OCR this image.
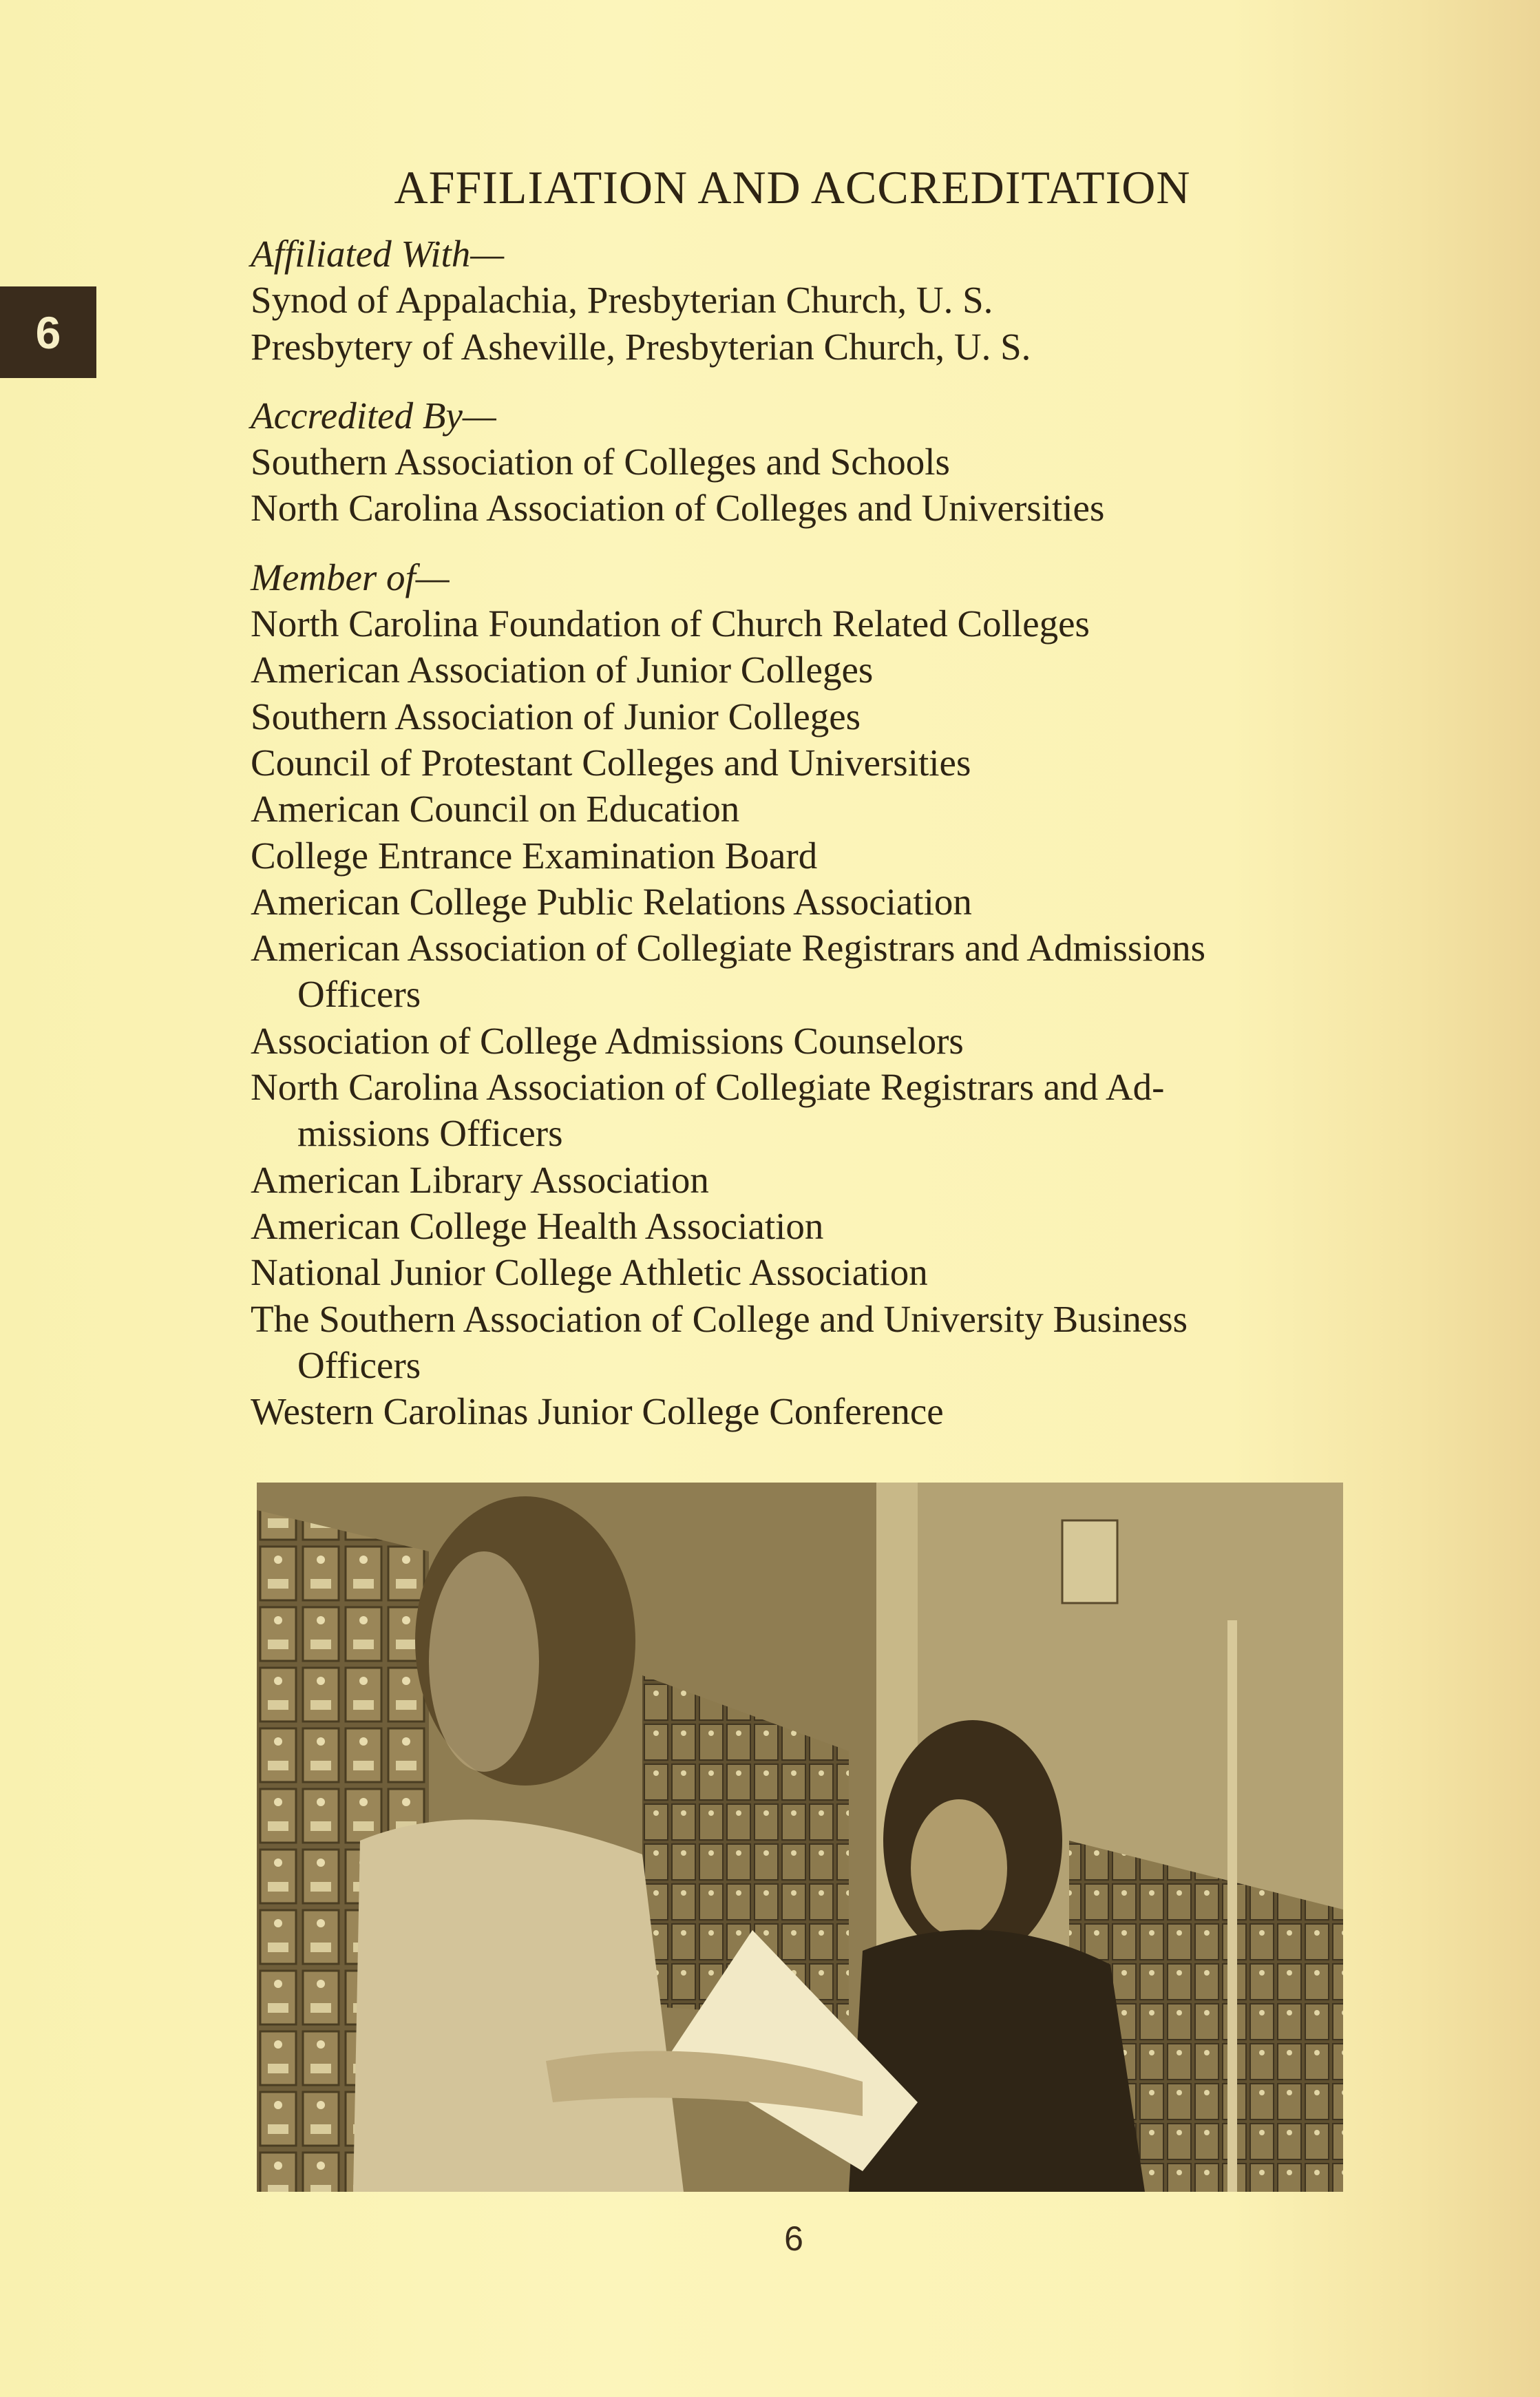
6
AFFILIATION AND ACCREDITATION
Affiliated With—
Synod of Appalachia, Presbyterian Church, U. S.
Presbytery of Asheville, Presbyterian Church, U. S.
Accredited By—
Southern Association of Colleges and Schools
North Carolina Association of Colleges and Universities
Member of—
North Carolina Foundation of Church Related Colleges
American Association of Junior Colleges
Southern Association of Junior Colleges
Council of Protestant Colleges and Universities
American Council on Education
College Entrance Examination Board
American College Public Relations Association
American Association of Collegiate Registrars and Admissions
Officers
Association of College Admissions Counselors
North Carolina Association of Collegiate Registrars and Ad-
missions Officers
American Library Association
American College Health Association
National Junior College Athletic Association
The Southern Association of College and University Business
Officers
Western Carolinas Junior College Conference
6
